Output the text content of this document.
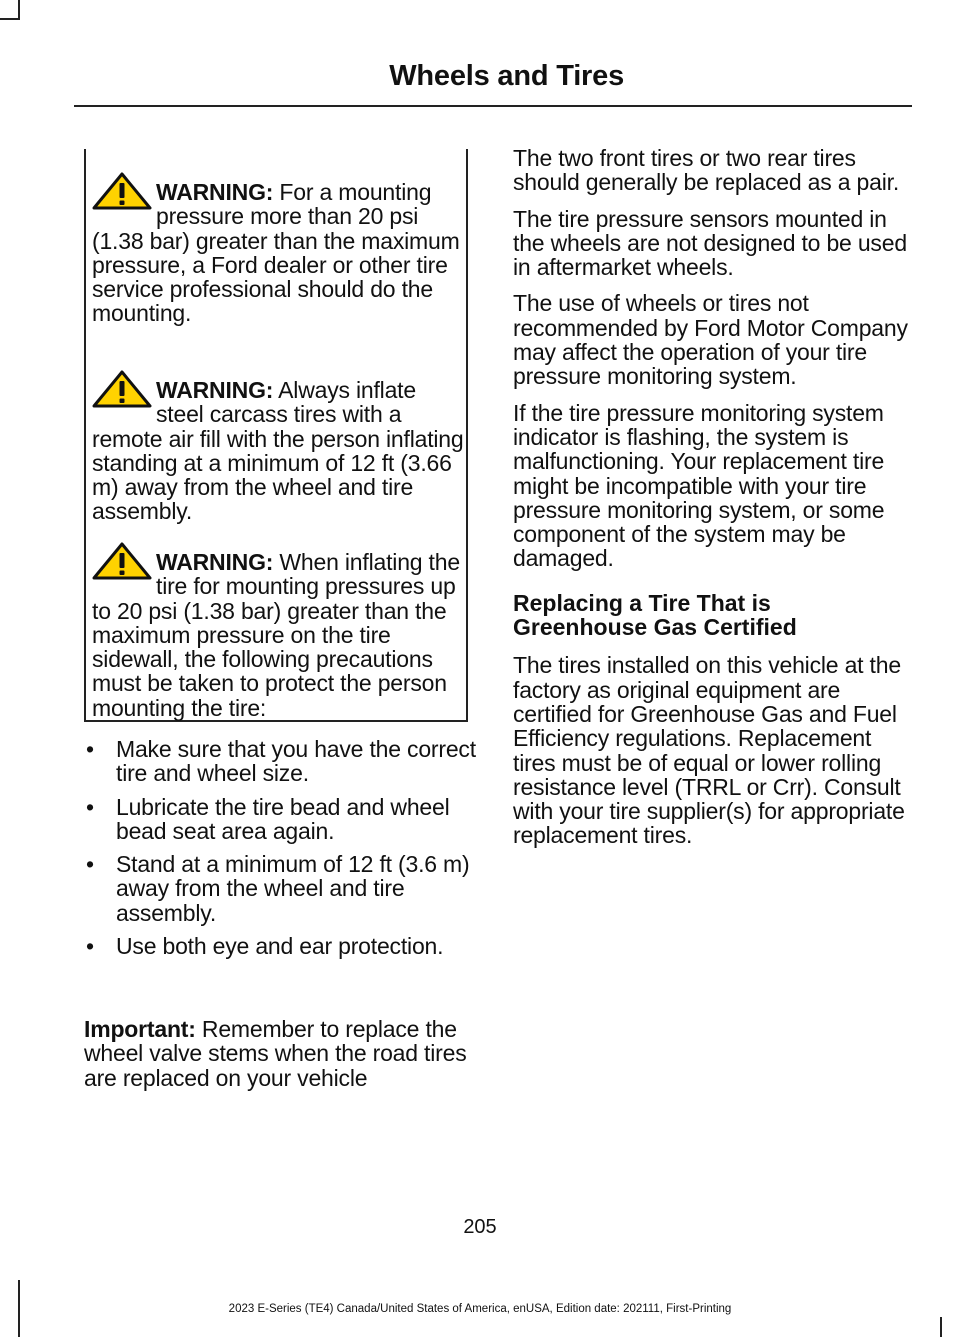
Wheels and Tires
WARNING: For a mounting pressure more than 20 psi (1.38 bar) greater than the maximum pressure, a Ford dealer or other tire service professional should do the mounting.
WARNING: Always inflate steel carcass tires with a remote air fill with the person inflating standing at a minimum of 12 ft (3.66 m) away from the wheel and tire assembly.
WARNING: When inflating the tire for mounting pressures up to 20 psi (1.38 bar) greater than the maximum pressure on the tire sidewall, the following precautions must be taken to protect the person mounting the tire:
• Make sure that you have the correct tire and wheel size.
• Lubricate the tire bead and wheel bead seat area again.
• Stand at a minimum of 12 ft (3.6 m) away from the wheel and tire assembly.
• Use both eye and ear protection.
Important: Remember to replace the wheel valve stems when the road tires are replaced on your vehicle

The two front tires or two rear tires should generally be replaced as a pair.

The tire pressure sensors mounted in the wheels are not designed to be used in aftermarket wheels.

The use of wheels or tires not recommended by Ford Motor Company may affect the operation of your tire pressure monitoring system.

If the tire pressure monitoring system indicator is flashing, the system is malfunctioning. Your replacement tire might be incompatible with your tire pressure monitoring system, or some component of the system may be damaged.

Replacing a Tire That is Greenhouse Gas Certified

The tires installed on this vehicle at the factory as original equipment are certified for Greenhouse Gas and Fuel Efficiency regulations. Replacement tires must be of equal or lower rolling resistance level (TRRL or Crr). Consult with your tire supplier(s) for appropriate replacement tires.

205
2023 E-Series (TE4) Canada/United States of America, enUSA, Edition date: 202111, First-Printing
